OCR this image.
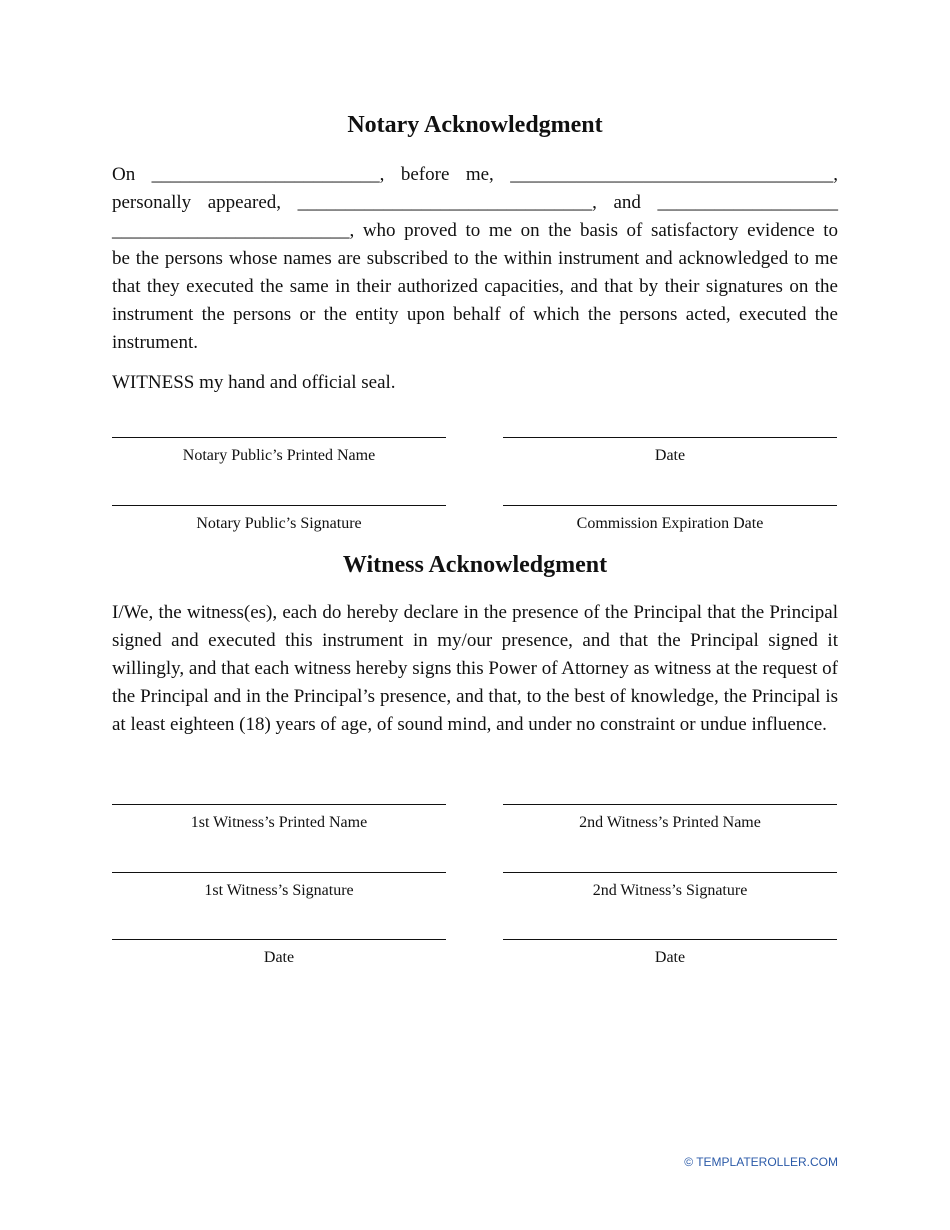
Notary Acknowledgment
On ________________________, before me, __________________________________,
personally appeared, _______________________________, and ___________________
_________________________, who proved to me on the basis of satisfactory evidence to
be the persons whose names are subscribed to the within instrument and acknowledged to me that they executed the same in their authorized capacities, and that by their signatures on the instrument the persons or the entity upon behalf of which the persons acted, executed the instrument.

WITNESS my hand and official seal.

Notary Public’s Printed Name	Date
Notary Public’s Signature	Commission Expiration Date
Witness Acknowledgment

I/We, the witness(es), each do hereby declare in the presence of the Principal that the Principal signed and executed this instrument in my/our presence, and that the Principal signed it willingly, and that each witness hereby signs this Power of Attorney as witness at the request of the Principal and in the Principal’s presence, and that, to the best of knowledge, the Principal is at least eighteen (18) years of age, of sound mind, and under no constraint or undue influence.

1st Witness’s Printed Name	2nd Witness’s Printed Name
1st Witness’s Signature	2nd Witness’s Signature
Date	Date
© TEMPLATEROLLER.COM
